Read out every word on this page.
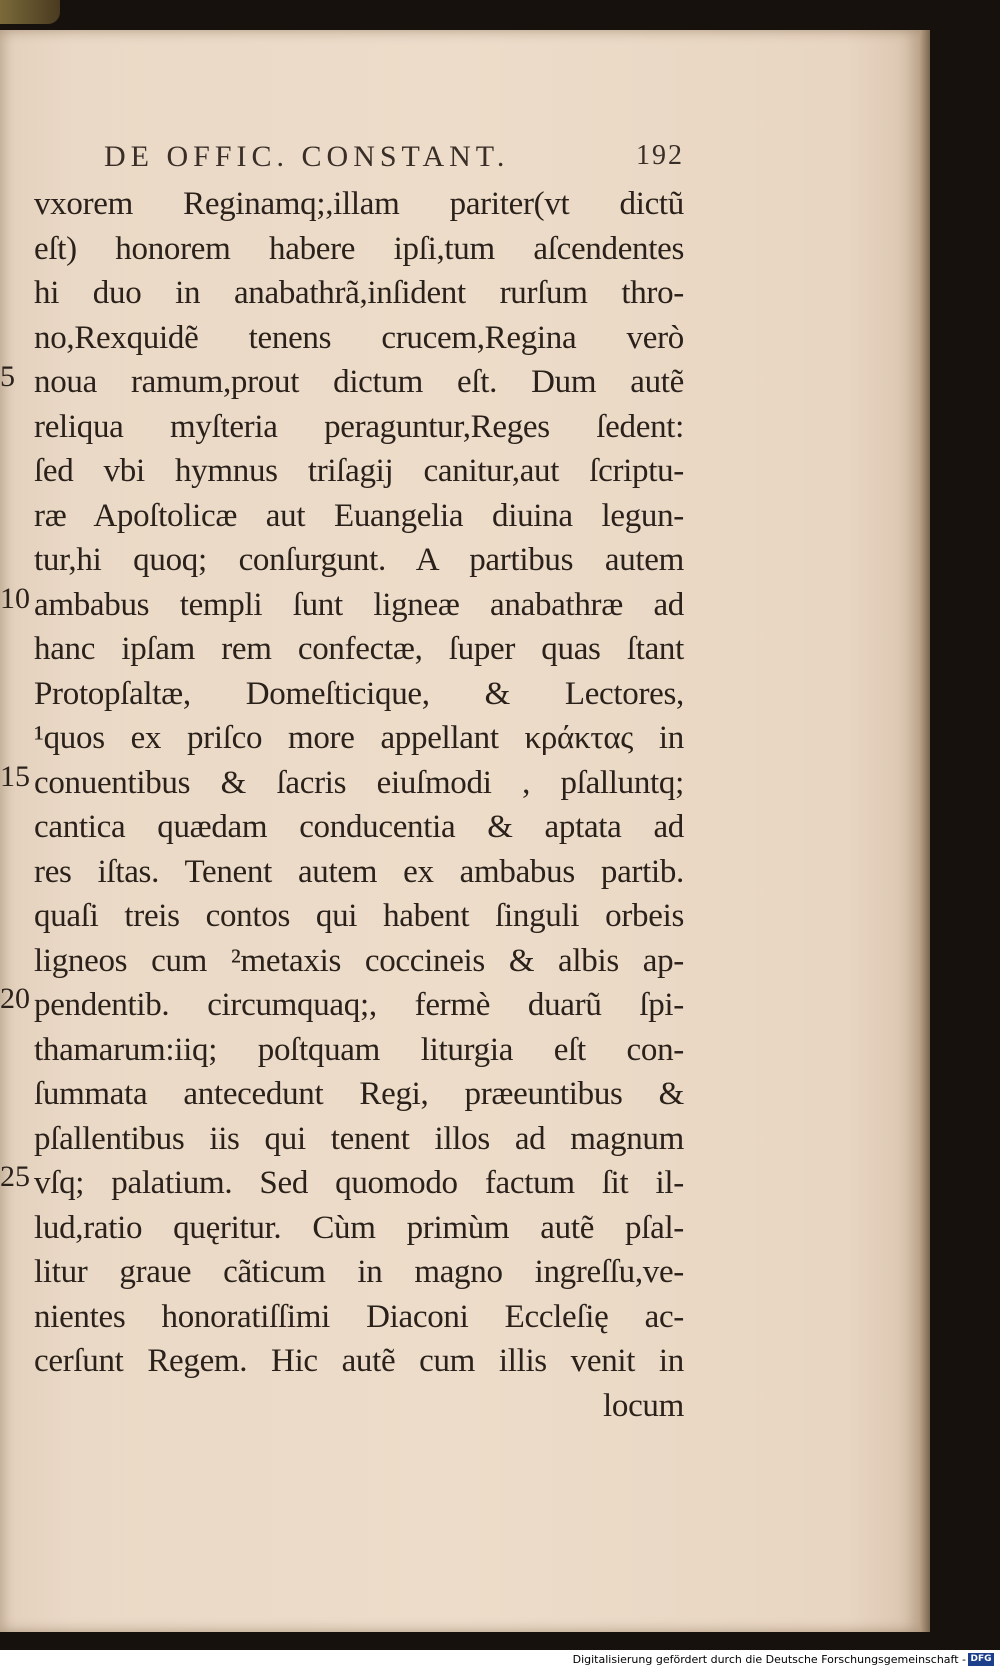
DE OFFIC. CONSTANT.	192
5
10
15
20
25
vxorem Reginamq;,illam pariter(vt dictũ
eſt) honorem habere ipſi,tum aſcendentes
hi duo in anabathrã,inſident rurſum thro-
no,Rexquidẽ tenens crucem,Regina verò
noua ramum,prout dictum eſt. Dum autẽ
reliqua myſteria peraguntur,Reges ſedent:
ſed vbi hymnus triſagij canitur,aut ſcriptu-
ræ Apoſtolicæ aut Euangelia diuina legun-
tur,hi quoq; conſurgunt. A partibus autem
ambabus templi ſunt ligneæ anabathræ ad
hanc ipſam rem confectæ, ſuper quas ſtant
Protopſaltæ, Domeſticique, & Lectores,
¹quos ex priſco more appellant κράκτας in
conuentibus & ſacris eiuſmodi , pſalluntq;
cantica quædam conducentia & aptata ad
res iſtas. Tenent autem ex ambabus partib.
quaſi treis contos qui habent ſinguli orbeis
ligneos cum ²metaxis coccineis & albis ap-
pendentib. circumquaq;, fermè duarũ ſpi-
thamarum:iiq; poſtquam liturgia eſt con-
ſummata antecedunt Regi, præeuntibus &
pſallentibus iis qui tenent illos ad magnum
vſq; palatium. Sed quomodo factum ſit il-
lud,ratio quęritur. Cùm primùm autẽ pſal-
litur graue cãticum in magno ingreſſu,ve-
nientes honoratiſſimi Diaconi Eccleſię ac-
cerſunt Regem. Hic autẽ cum illis venit in
locum
Digitalisierung gefördert durch die Deutsche Forschungsgemeinschaft - DFG
